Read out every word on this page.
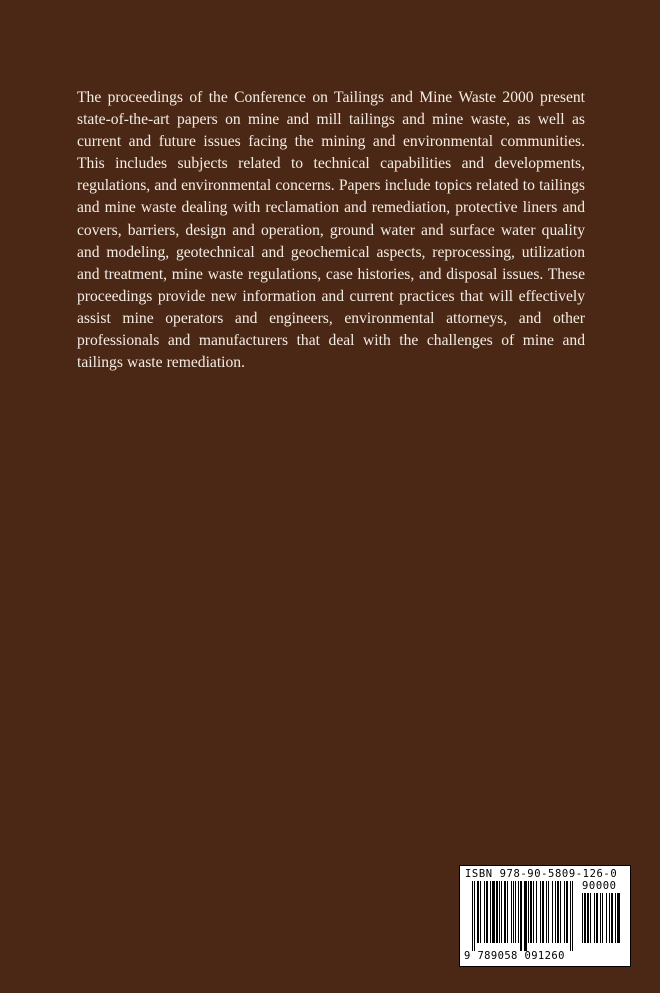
The proceedings of the Conference on Tailings and Mine Waste 2000 present state-of-the-art papers on mine and mill tailings and mine waste, as well as current and future issues facing the mining and environmental communities. This includes subjects related to technical capabilities and developments, regulations, and environmental concerns. Papers include topics related to tailings and mine waste dealing with reclamation and remediation, protective liners and covers, barriers, design and operation, ground water and surface water quality and modeling, geotechnical and geochemical aspects, reprocessing, utilization and treatment, mine waste regulations, case histories, and disposal issues. These proceedings provide new information and current practices that will effectively assist mine operators and engineers, environmental attorneys, and other professionals and manufacturers that deal with the challenges of mine and tailings waste remediation.

ISBN 978-90-5809-126-0
90000
9 789058 091260
